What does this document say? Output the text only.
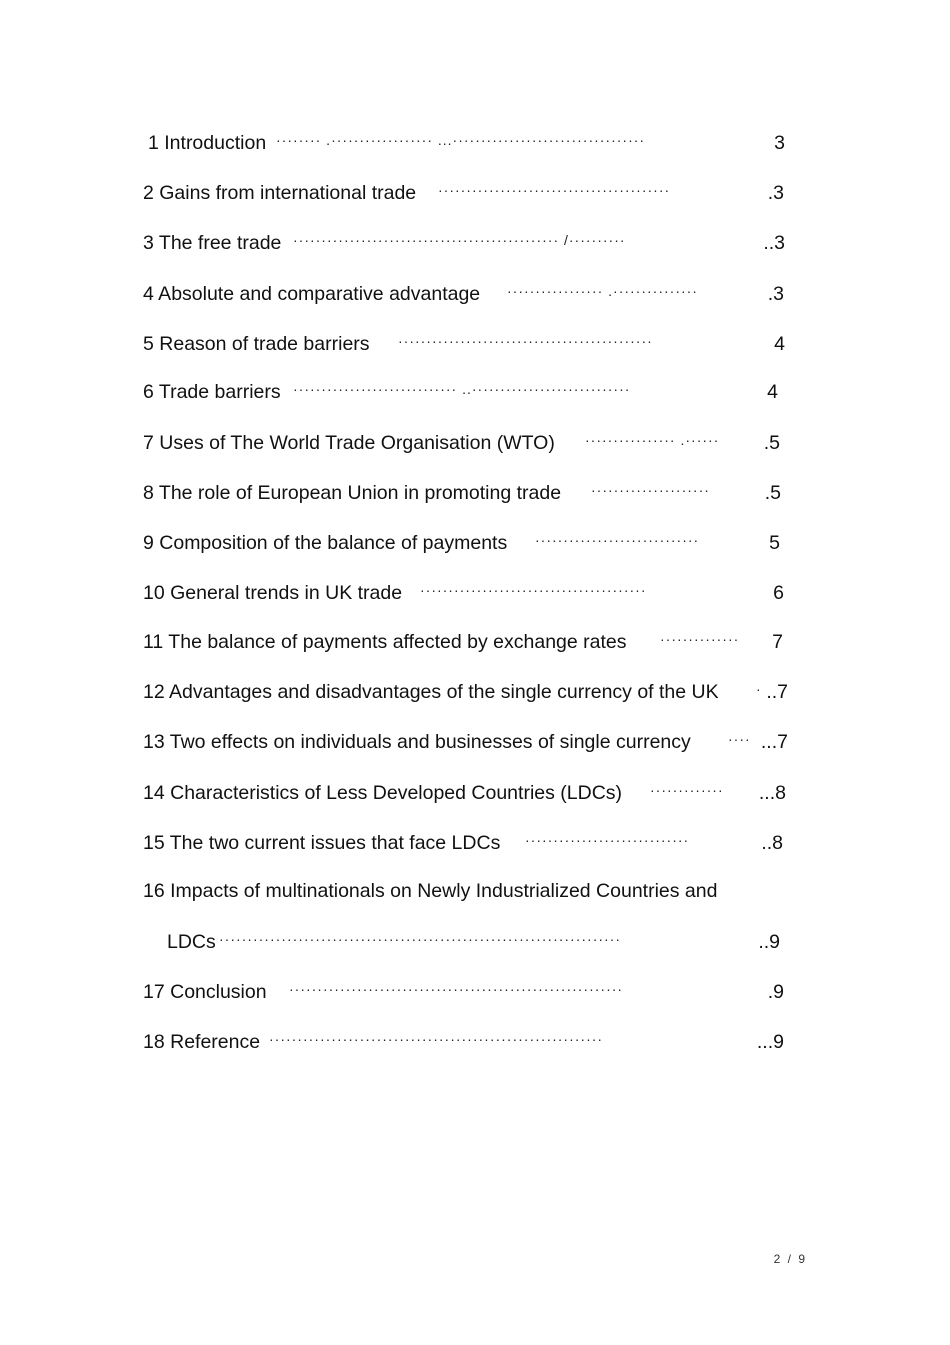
1 Introduction ········ .·················· ...··································	3
2 Gains from international trade ·········································	.3
3 The free trade ··············································· /··········	..3
4 Absolute and comparative advantage ················· .···············	.3
5 Reason of trade barriers ·············································	4
6 Trade barriers ····························· ..····························	4
7 Uses of The World Trade Organisation (WTO) ················ .······	.5
8 The role of European Union in promoting trade ·····················	.5
9 Composition of the balance of payments ·····························	5
10 General trends in UK trade ········································	6
11 The balance of payments affected by exchange rates ··············	7
12 Advantages and disadvantages of the single currency of the UK	· ..7
13 Two effects on individuals and businesses of single currency	···· ...7
14 Characteristics of Less Developed Countries (LDCs) ·············	...8
15 The two current issues that face LDCs ·····························	..8
16 Impacts of multinationals on Newly Industrialized Countries and
LDCs ·······································································	..9
17 Conclusion ···························································	.9
18 Reference ···························································	...9
2 / 9
